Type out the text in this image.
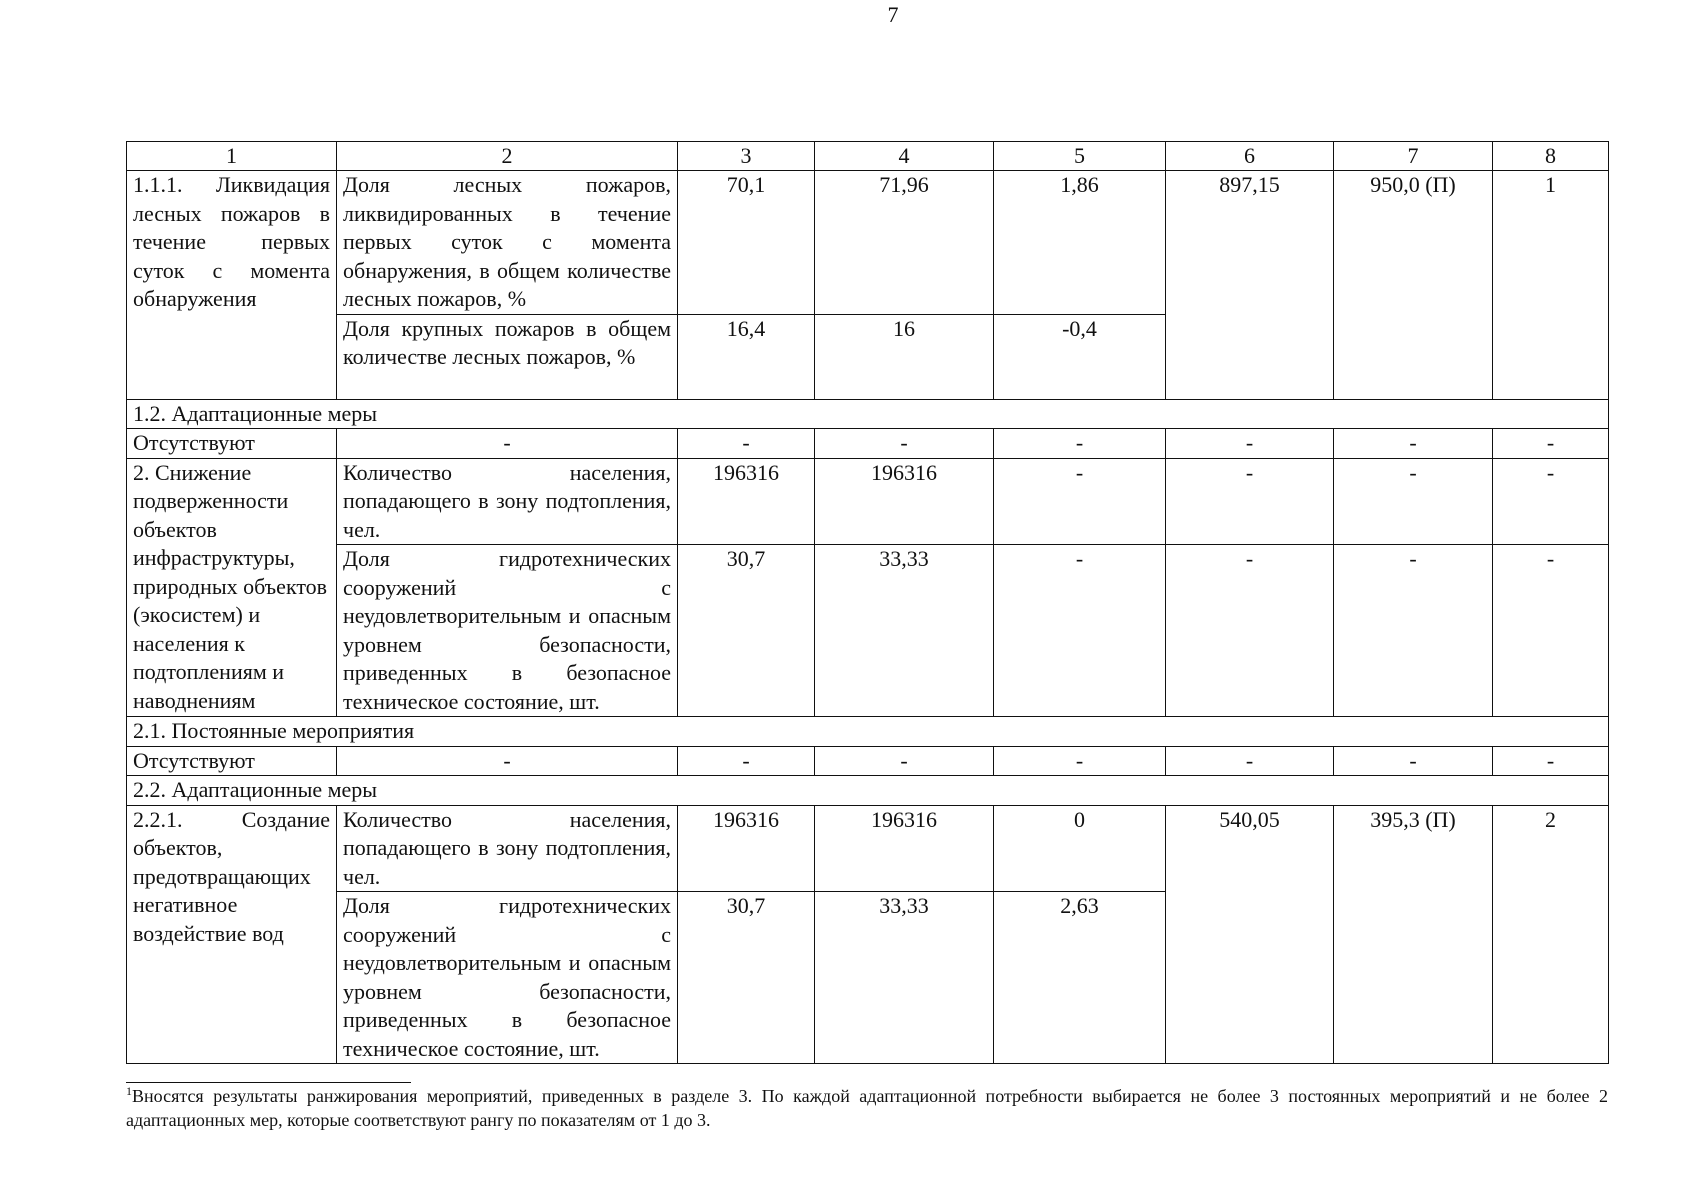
7
1	2	3	4	5	6	7	8
1.1.1. Ликвидация лесных пожаров в течение первых суток с момента обнаружения	Доля лесных пожаров, ликвидированных в течение первых суток с момента обнаружения, в общем количестве лесных пожаров, %	70,1	71,96	1,86	897,15	950,0 (П)	1
	Доля крупных пожаров в общем количестве лесных пожаров, %	16,4	16	-0,4			
1.2. Адаптационные меры							
Отсутствуют	-	-	-	-	-	-	-
2. Снижение подверженности объектов инфраструктуры, природных объектов (экосистем) и населения к подтоплениям и наводнениям	Количество населения, попадающего в зону подтопления, чел.	196316	196316	-	-	-	-
	Доля гидротехнических сооружений с неудовлетворительным и опасным уровнем безопасности, приведенных в безопасное техническое состояние, шт.	30,7	33,33	-	-	-	-
2.1. Постоянные мероприятия							
Отсутствуют	-	-	-	-	-	-	-
2.2. Адаптационные меры							
2.2.1. Создание объектов, предотвращающих негативное воздействие вод	Количество населения, попадающего в зону подтопления, чел.	196316	196316	0	540,05	395,3 (П)	2
	Доля гидротехнических сооружений с неудовлетворительным и опасным уровнем безопасности, приведенных в безопасное техническое состояние, шт.	30,7	33,33	2,63			
$^1$Вносятся результаты ранжирования мероприятий, приведенных в разделе 3. По каждой адаптационной потребности выбирается не более 3 постоянных мероприятий и не более 2 адаптационных мер, которые соответствуют рангу по показателям от 1 до 3.
